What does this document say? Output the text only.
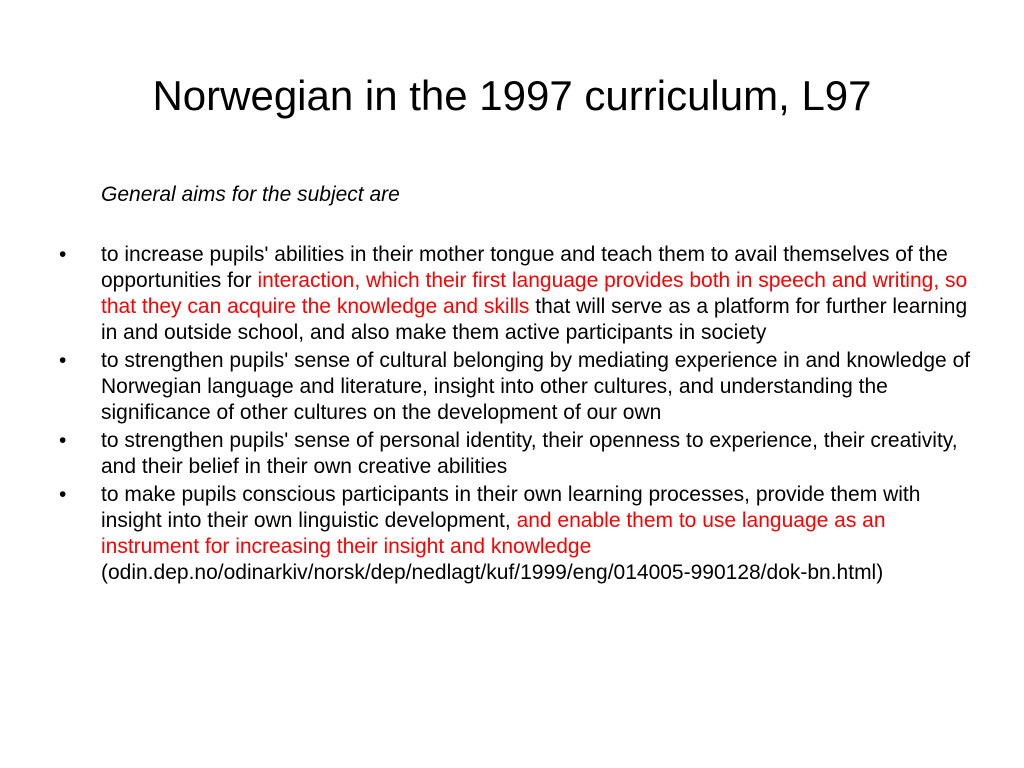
Norwegian in the 1997 curriculum, L97

General aims for the subject are

•	to increase pupils' abilities in their mother tongue and teach them to avail themselves of the opportunities for interaction, which their first language provides both in speech and writing, so that they can acquire the knowledge and skills that will serve as a platform for further learning in and outside school, and also make them active participants in society
•	to strengthen pupils' sense of cultural belonging by mediating experience in and knowledge of Norwegian language and literature, insight into other cultures, and understanding the significance of other cultures on the development of our own
•	to strengthen pupils' sense of personal identity, their openness to experience, their creativity, and their belief in their own creative abilities
•	to make pupils conscious participants in their own learning processes, provide them with insight into their own linguistic development, and enable them to use language as an instrument for increasing their insight and knowledge (odin.dep.no/odinarkiv/norsk/dep/nedlagt/kuf/1999/eng/014005-990128/dok-bn.html)
